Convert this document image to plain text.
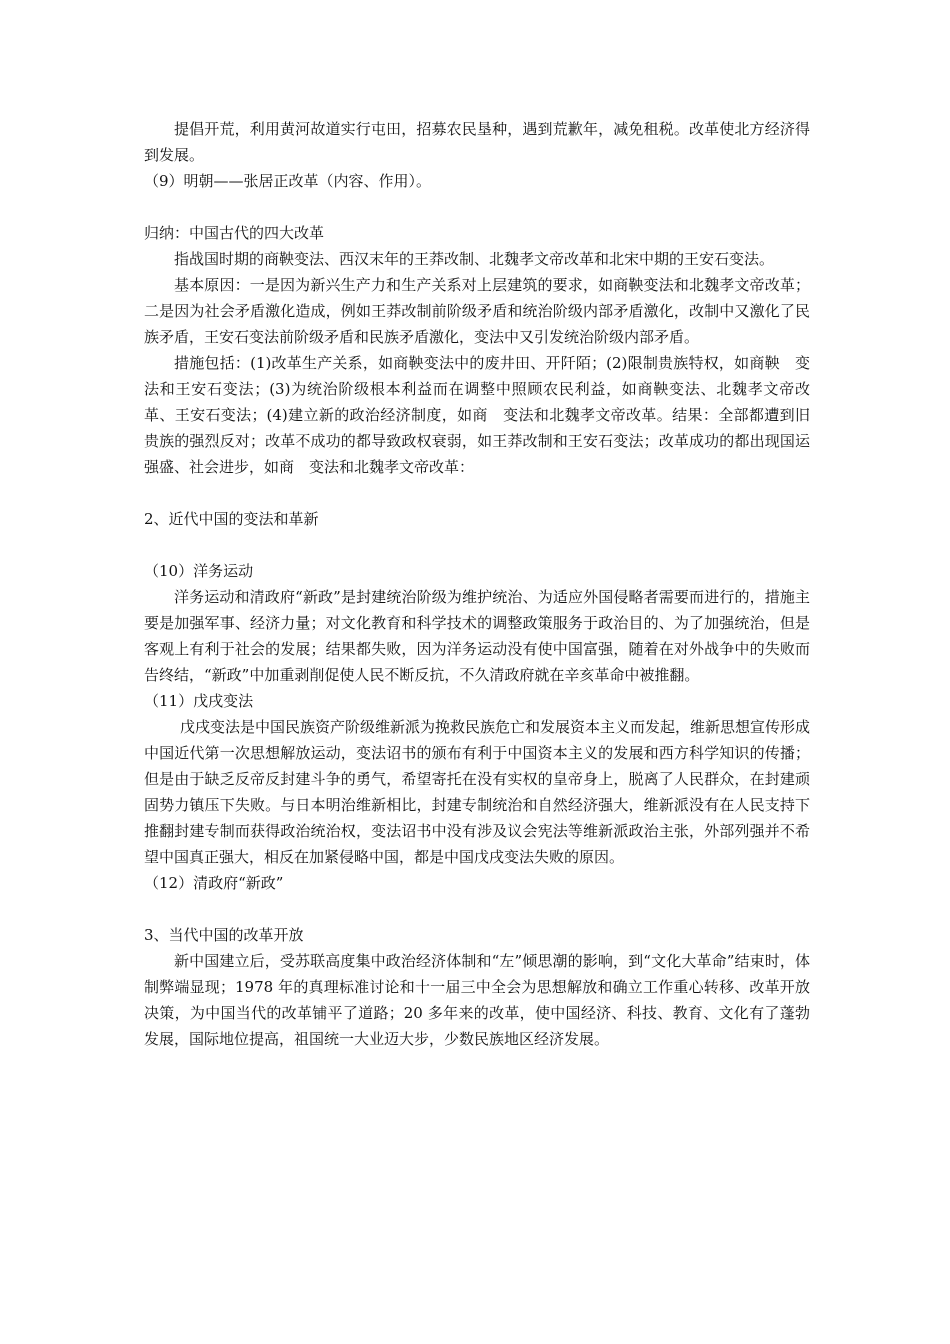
提倡开荒，利用黄河故道实行屯田，招募农民垦种，遇到荒歉年，减免租税。改革使北方经济得到发展。

（9）明朝——张居正改革（内容、作用）。

归纳：中国古代的四大改革

指战国时期的商鞅变法、西汉末年的王莽改制、北魏孝文帝改革和北宋中期的王安石变法。

基本原因：一是因为新兴生产力和生产关系对上层建筑的要求，如商鞅变法和北魏孝文帝改革；二是因为社会矛盾激化造成，例如王莽改制前阶级矛盾和统治阶级内部矛盾激化，改制中又激化了民族矛盾，王安石变法前阶级矛盾和民族矛盾激化，变法中又引发统治阶级内部矛盾。

措施包括：(1)改革生产关系，如商鞅变法中的废井田、开阡陌；(2)限制贵族特权，如商鞅　变法和王安石变法；(3)为统治阶级根本利益而在调整中照顾农民利益，如商鞅变法、北魏孝文帝改革、王安石变法；(4)建立新的政治经济制度，如商　变法和北魏孝文帝改革。结果：全部都遭到旧贵族的强烈反对；改革不成功的都导致政权衰弱，如王莽改制和王安石变法；改革成功的都出现国运强盛、社会进步，如商　变法和北魏孝文帝改革：

2、近代中国的变法和革新

（10）洋务运动

洋务运动和清政府“新政”是封建统治阶级为维护统治、为适应外国侵略者需要而进行的，措施主要是加强军事、经济力量；对文化教育和科学技术的调整政策服务于政治目的、为了加强统治，但是客观上有利于社会的发展；结果都失败，因为洋务运动没有使中国富强，随着在对外战争中的失败而告终结，“新政”中加重剥削促使人民不断反抗，不久清政府就在辛亥革命中被推翻。

（11）戊戌变法

戊戌变法是中国民族资产阶级维新派为挽救民族危亡和发展资本主义而发起，维新思想宣传形成中国近代第一次思想解放运动，变法诏书的颁布有利于中国资本主义的发展和西方科学知识的传播；但是由于缺乏反帝反封建斗争的勇气，希望寄托在没有实权的皇帝身上，脱离了人民群众，在封建顽固势力镇压下失败。与日本明治维新相比，封建专制统治和自然经济强大，维新派没有在人民支持下推翻封建专制而获得政治统治权，变法诏书中没有涉及议会宪法等维新派政治主张，外部列强并不希望中国真正强大，相反在加紧侵略中国，都是中国戊戌变法失败的原因。

（12）清政府“新政”

3、当代中国的改革开放

新中国建立后，受苏联高度集中政治经济体制和“左”倾思潮的影响，到“文化大革命”结束时，体制弊端显现；1978 年的真理标准讨论和十一届三中全会为思想解放和确立工作重心转移、改革开放决策，为中国当代的改革铺平了道路；20 多年来的改革，使中国经济、科技、教育、文化有了蓬勃发展，国际地位提高，祖国统一大业迈大步，少数民族地区经济发展。
